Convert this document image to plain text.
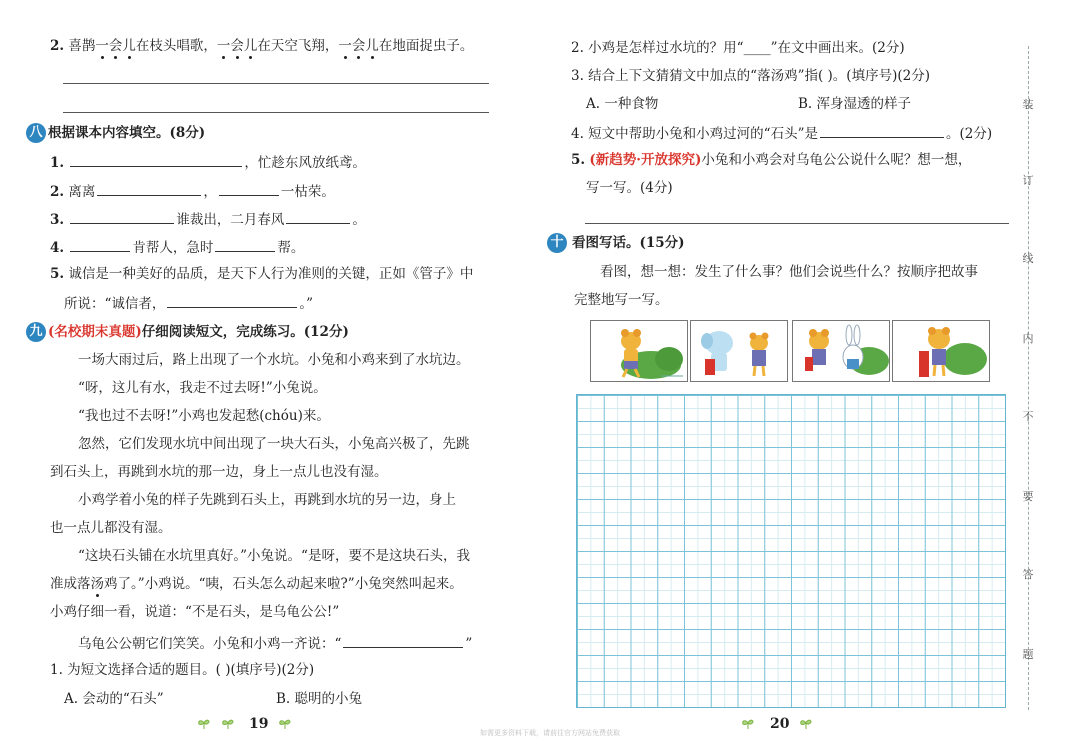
2. 喜鹊一会儿在枝头唱歌，一会儿在天空飞翔，一会儿在地面捉虫子。
八 根据课本内容填空。(8分)
1.	，忙趁东风放纸鸢。
2. 离离	，	一枯荣。
3.	谁裁出，二月春风	。
4.	肯帮人，急时	帮。
5. 诚信是一种美好的品质，是天下人行为准则的关键，正如《管子》中
所说：“诚信者，	。”
九 (名校期末真题)仔细阅读短文，完成练习。(12分)
一场大雨过后，路上出现了一个水坑。小兔和小鸡来到了水坑边。
“呀，这儿有水，我走不过去呀!”小兔说。
“我也过不去呀!”小鸡也发起愁(chóu)来。
忽然，它们发现水坑中间出现了一块大石头，小兔高兴极了，先跳
到石头上，再跳到水坑的那一边，身上一点儿也没有湿。
小鸡学着小兔的样子先跳到石头上，再跳到水坑的另一边，身上
也一点儿都没有湿。
“这块石头铺在水坑里真好。”小兔说。“是呀，要不是这块石头，我
准成落汤鸡了。”小鸡说。“咦，石头怎么动起来啦?”小兔突然叫起来。
小鸡仔细一看，说道：“不是石头，是乌龟公公!”
乌龟公公朝它们笑笑。小兔和小鸡一齐说：“	”
1. 为短文选择合适的题目。( )(填序号)(2分)
A. 会动的“石头”	B. 聪明的小兔
19
2. 小鸡是怎样过水坑的？用“____”在文中画出来。(2分)
3. 结合上下文猜猜文中加点的“落汤鸡”指( )。(填序号)(2分)
A. 一种食物	B. 浑身湿透的样子
4. 短文中帮助小兔和小鸡过河的“石头”是	。(2分)
5. (新趋势·开放探究)小兔和小鸡会对乌龟公公说什么呢？想一想，
写一写。(4分)
十 看图写话。(15分)
看图，想一想：发生了什么事？他们会说些什么？按顺序把故事
完整地写一写。
20
装
订
线
内
不
要
答
题
如需更多资料下载，请前往官方网站免费获取
